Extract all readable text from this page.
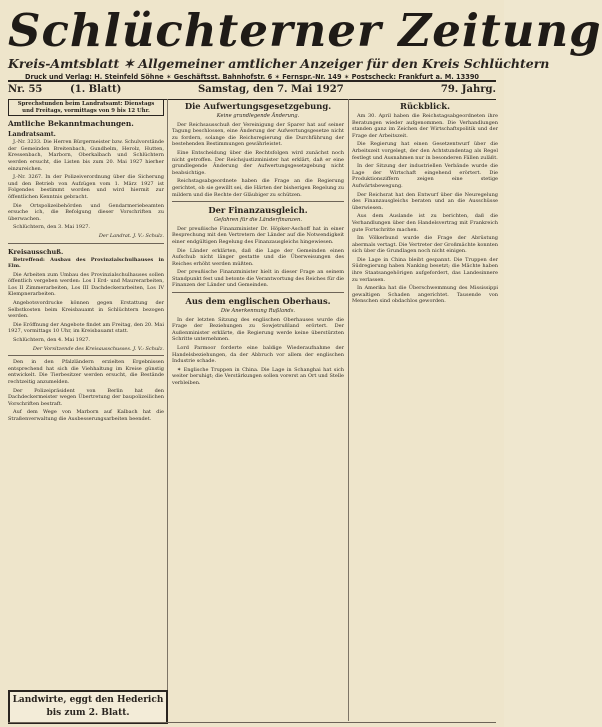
Schlüchterner Zeitung
Kreis-Amtsblatt ✶ Allgemeiner amtlicher Anzeiger für den Kreis Schlüchtern
Druck und Verlag: H. Steinfeld Söhne ✶ Geschäftsst. Bahnhofstr. 6 ✶ Fernspr.-Nr. 149 ✶ Postscheck: Frankfurt a. M. 13390
Nr. 55	(1. Blatt)	Samstag, den 7. Mai 1927	79. Jahrg.
Sprechstunden beim Landratsamt: Dienstags und Freitags, vormittags von 9 bis 12 Uhr.
Amtliche Bekanntmachungen.
Landratsamt.

J.-Nr. 3233. Die Herren Bürgermeister bzw. Schulvorstände der Gemeinden Breitenbach, Gundhelm, Herolz, Hutten, Kressenbach, Marborn, Oberkalbach und Schlüchtern werden ersucht, die Listen bis zum 20. Mai 1927 hierher einzureichen.

J.-Nr. 3267. In der Polizeiverordnung über die Sicherung und den Betrieb von Aufzügen vom 1. März 1927 ist Folgendes bestimmt worden und wird hiermit zur öffentlichen Kenntnis gebracht.

Die Ortspolizeibehörden und Gendarmeriebeamten ersuche ich, die Befolgung dieser Vorschriften zu überwachen.

Schlüchtern, den 3. Mai 1927.

Der Landrat. J. V.: Schulz.
Kreisausschuß.

Betreffend: Ausbau des Provinzialschulhauses in Elm.

Die Arbeiten zum Umbau des Provinzialschulhauses sollen öffentlich vergeben werden: Los I Erd- und Maurerarbeiten, Los II Zimmerarbeiten, Los III Dachdeckerarbeiten, Los IV Klempnerarbeiten.

Angebotsvordrucke können gegen Erstattung der Selbstkosten beim Kreisbauamt in Schlüchtern bezogen werden.

Die Eröffnung der Angebote findet am Freitag, den 20. Mai 1927, vormittags 10 Uhr, im Kreisbauamt statt.

Schlüchtern, den 4. Mai 1927.

Der Vorsitzende des Kreisausschusses. J. V.: Schulz.

Den in den Pfalzländern erzielten Ergebnissen entsprechend hat sich die Viehhaltung im Kreise günstig entwickelt. Die Tierbesitzer werden ersucht, die Bestände rechtzeitig anzumelden.

Der Polizeipräsident von Berlin hat den Dachdeckermeister wegen Übertretung der baupolizeilichen Vorschriften bestraft.

Auf dem Wege von Marborn auf Kalbach hat die Straßenverwaltung die Ausbesserungsarbeiten beendet.

Landwirte, eggt den Hederich bis zum 2. Blatt.
Die Aufwertungsgesetzgebung.
Keine grundlegende Änderung.

Der Reichsausschuß der Vereinigung der Sparer hat auf seiner Tagung beschlossen, eine Änderung der Aufwertungsgesetze nicht zu fordern, solange die Reichsregierung die Durchführung der bestehenden Bestimmungen gewährleistet.

Eine Entscheidung über die Rechtsfolgen wird zunächst noch nicht getroffen. Der Reichsjustizminister hat erklärt, daß er eine grundlegende Änderung der Aufwertungsgesetzgebung nicht beabsichtige.

Reichstagsabgeordnete haben die Frage an die Regierung gerichtet, ob sie gewillt sei, die Härten der bisherigen Regelung zu mildern und die Rechte der Gläubiger zu schützen.

Der Finanzausgleich.
Gefahren für die Länderfinanzen.

Der preußische Finanzminister Dr. Höpker-Aschoff hat in einer Besprechung mit den Vertretern der Länder auf die Notwendigkeit einer endgültigen Regelung des Finanzausgleichs hingewiesen.

Die Länder erklärten, daß die Lage der Gemeinden einen Aufschub nicht länger gestatte und die Überweisungen des Reiches erhöht werden müßten.

Der preußische Finanzminister hielt in dieser Frage an seinem Standpunkt fest und betonte die Verantwortung des Reiches für die Finanzen der Länder und Gemeinden.

Aus dem englischen Oberhaus.
Die Anerkennung Rußlands.

In der letzten Sitzung des englischen Oberhauses wurde die Frage der Beziehungen zu Sowjetrußland erörtert. Der Außenminister erklärte, die Regierung werde keine überstürzten Schritte unternehmen.

Lord Parmoor forderte eine baldige Wiederaufnahme der Handelsbeziehungen, da der Abbruch vor allem der englischen Industrie schade.

✶ Englische Truppen in China. Die Lage in Schanghai hat sich weiter beruhigt; die Verstärkungen sollen vorerst an Ort und Stelle verbleiben.

Rückblick.

Am 30. April haben die Reichstagsabgeordneten ihre Beratungen wieder aufgenommen. Die Verhandlungen standen ganz im Zeichen der Wirtschaftspolitik und der Frage der Arbeitszeit.

Die Regierung hat einen Gesetzentwurf über die Arbeitszeit vorgelegt, der den Achtstundentag als Regel festlegt und Ausnahmen nur in besonderen Fällen zuläßt.

In der Sitzung der industriellen Verbände wurde die Lage der Wirtschaft eingehend erörtert. Die Produktionsziffern zeigen eine stetige Aufwärtsbewegung.

Der Reichsrat hat den Entwurf über die Neuregelung des Finanzausgleichs beraten und an die Ausschüsse überwiesen.

Aus dem Auslande ist zu berichten, daß die Verhandlungen über den Handelsvertrag mit Frankreich gute Fortschritte machen.

Im Völkerbund wurde die Frage der Abrüstung abermals vertagt. Die Vertreter der Großmächte konnten sich über die Grundlagen noch nicht einigen.

Die Lage in China bleibt gespannt. Die Truppen der Südregierung haben Nanking besetzt; die Mächte haben ihre Staatsangehörigen aufgefordert, das Landesinnere zu verlassen.

In Amerika hat die Überschwemmung des Mississippi gewaltigen Schaden angerichtet. Tausende von Menschen sind obdachlos geworden.
